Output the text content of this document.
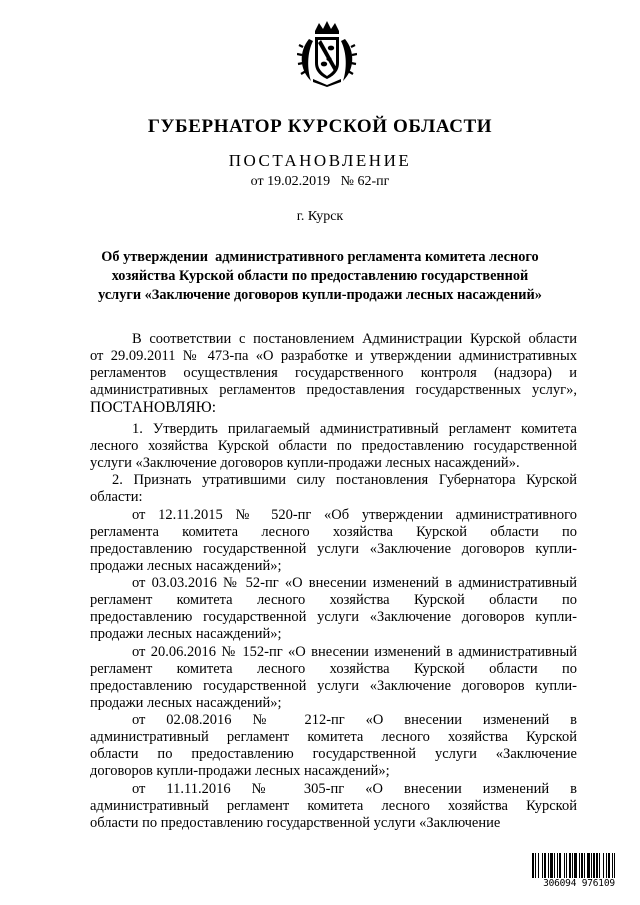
ГУБЕРНАТОР КУРСКОЙ ОБЛАСТИ
ПОСТАНОВЛЕНИЕ
от 19.02.2019   № 62-пг
г. Курск
Об утверждении  административного регламента комитета лесного
хозяйства Курской области по предоставлению государственной
услуги «Заключение договоров купли-продажи лесных насаждений»
В соответствии с постановлением Администрации Курской области
от 29.09.2011 № 473-па «О разработке и утверждении административных
регламентов осуществления государственного контроля (надзора) и
административных регламентов предоставления государственных услуг»,
ПОСТАНОВЛЯЮ:
1. Утвердить прилагаемый административный регламент комитета
лесного хозяйства Курской области по предоставлению государственной
услуги «Заключение договоров купли-продажи лесных насаждений».
2. Признать утратившими силу постановления Губернатора Курской
области:
от 12.11.2015 № 520-пг «Об утверждении административного
регламента комитета лесного хозяйства Курской области по
предоставлению государственной услуги «Заключение договоров купли-
продажи лесных насаждений»;
от 03.03.2016 № 52-пг «О внесении изменений в административный
регламент комитета лесного хозяйства Курской области по
предоставлению государственной услуги «Заключение договоров купли-
продажи лесных насаждений»;
от 20.06.2016 № 152-пг «О внесении изменений в административный
регламент комитета лесного хозяйства Курской области по
предоставлению государственной услуги «Заключение договоров купли-
продажи лесных насаждений»;
от 02.08.2016 № 212-пг «О внесении изменений в
административный регламент комитета лесного хозяйства Курской
области по предоставлению государственной услуги «Заключение
договоров купли-продажи лесных насаждений»;
от 11.11.2016 № 305-пг «О внесении изменений в
административный регламент комитета лесного хозяйства Курской
области по предоставлению государственной услуги «Заключение
306094 976109
